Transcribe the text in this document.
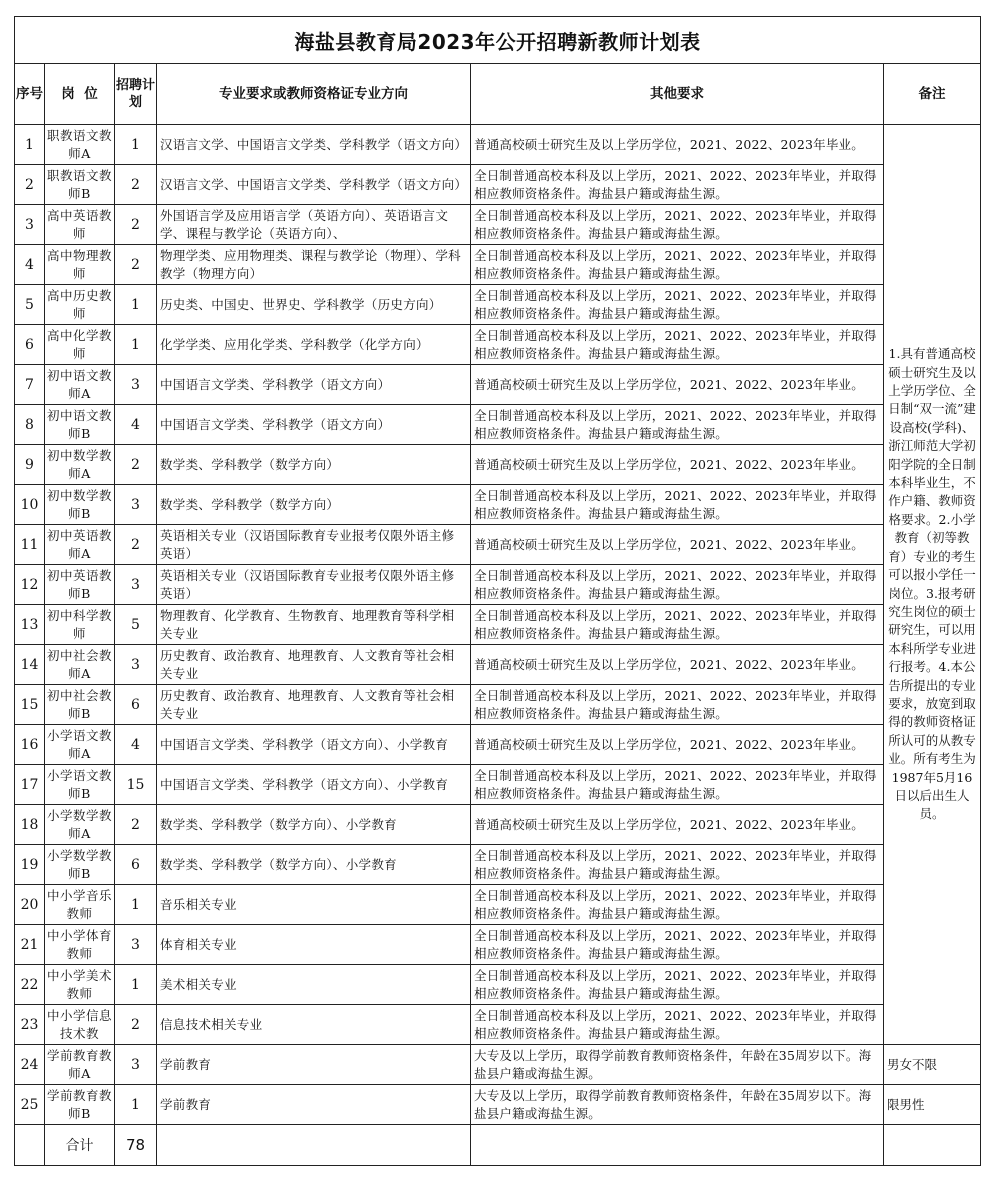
海盐县教育局2023年公开招聘新教师计划表					
序号	岗  位	招聘计划	专业要求或教师资格证专业方向	其他要求	备注
1	职教语文教师A	1	汉语言文学、中国语言文学类、学科教学（语文方向）	普通高校硕士研究生及以上学历学位，2021、2022、2023年毕业。	1.具有普通高校硕士研究生及以上学历学位、全日制“双一流”建设高校(学科)、浙江师范大学初阳学院的全日制本科毕业生，不作户籍、教师资格要求。2.小学教育（初等教育）专业的考生可以报小学任一岗位。3.报考研究生岗位的硕士研究生，可以用本科所学专业进行报考。4.本公告所提出的专业要求，放宽到取得的教师资格证所认可的从教专业。所有考生为1987年5月16日以后出生人员。
2	职教语文教师B	2	汉语言文学、中国语言文学类、学科教学（语文方向）	全日制普通高校本科及以上学历，2021、2022、2023年毕业，并取得相应教师资格条件。海盐县户籍或海盐生源。	
3	高中英语教师	2	外国语言学及应用语言学（英语方向）、英语语言文学、课程与教学论（英语方向）、	全日制普通高校本科及以上学历，2021、2022、2023年毕业，并取得相应教师资格条件。海盐县户籍或海盐生源。	
4	高中物理教师	2	物理学类、应用物理类、课程与教学论（物理）、学科教学（物理方向）	全日制普通高校本科及以上学历，2021、2022、2023年毕业，并取得相应教师资格条件。海盐县户籍或海盐生源。	
5	高中历史教师	1	历史类、中国史、世界史、学科教学（历史方向）	全日制普通高校本科及以上学历，2021、2022、2023年毕业，并取得相应教师资格条件。海盐县户籍或海盐生源。	
6	高中化学教师	1	化学学类、应用化学类、学科教学（化学方向）	全日制普通高校本科及以上学历，2021、2022、2023年毕业，并取得相应教师资格条件。海盐县户籍或海盐生源。	
7	初中语文教师A	3	中国语言文学类、学科教学（语文方向）	普通高校硕士研究生及以上学历学位，2021、2022、2023年毕业。	
8	初中语文教师B	4	中国语言文学类、学科教学（语文方向）	全日制普通高校本科及以上学历，2021、2022、2023年毕业，并取得相应教师资格条件。海盐县户籍或海盐生源。	
9	初中数学教师A	2	数学类、学科教学（数学方向）	普通高校硕士研究生及以上学历学位，2021、2022、2023年毕业。	
10	初中数学教师B	3	数学类、学科教学（数学方向）	全日制普通高校本科及以上学历，2021、2022、2023年毕业，并取得相应教师资格条件。海盐县户籍或海盐生源。	
11	初中英语教师A	2	英语相关专业（汉语国际教育专业报考仅限外语主修英语）	普通高校硕士研究生及以上学历学位，2021、2022、2023年毕业。	
12	初中英语教师B	3	英语相关专业（汉语国际教育专业报考仅限外语主修英语）	全日制普通高校本科及以上学历，2021、2022、2023年毕业，并取得相应教师资格条件。海盐县户籍或海盐生源。	
13	初中科学教师	5	物理教育、化学教育、生物教育、地理教育等科学相关专业	全日制普通高校本科及以上学历，2021、2022、2023年毕业，并取得相应教师资格条件。海盐县户籍或海盐生源。	
14	初中社会教师A	3	历史教育、政治教育、地理教育、人文教育等社会相关专业	普通高校硕士研究生及以上学历学位，2021、2022、2023年毕业。	
15	初中社会教师B	6	历史教育、政治教育、地理教育、人文教育等社会相关专业	全日制普通高校本科及以上学历，2021、2022、2023年毕业，并取得相应教师资格条件。海盐县户籍或海盐生源。	
16	小学语文教师A	4	中国语言文学类、学科教学（语文方向）、小学教育	普通高校硕士研究生及以上学历学位，2021、2022、2023年毕业。	
17	小学语文教师B	15	中国语言文学类、学科教学（语文方向）、小学教育	全日制普通高校本科及以上学历，2021、2022、2023年毕业，并取得相应教师资格条件。海盐县户籍或海盐生源。	
18	小学数学教师A	2	数学类、学科教学（数学方向）、小学教育	普通高校硕士研究生及以上学历学位，2021、2022、2023年毕业。	
19	小学数学教师B	6	数学类、学科教学（数学方向）、小学教育	全日制普通高校本科及以上学历，2021、2022、2023年毕业，并取得相应教师资格条件。海盐县户籍或海盐生源。	
20	中小学音乐教师	1	音乐相关专业	全日制普通高校本科及以上学历，2021、2022、2023年毕业，并取得相应教师资格条件。海盐县户籍或海盐生源。	
21	中小学体育教师	3	体育相关专业	全日制普通高校本科及以上学历，2021、2022、2023年毕业，并取得相应教师资格条件。海盐县户籍或海盐生源。	
22	中小学美术教师	1	美术相关专业	全日制普通高校本科及以上学历，2021、2022、2023年毕业，并取得相应教师资格条件。海盐县户籍或海盐生源。	
23	中小学信息技术教	2	信息技术相关专业	全日制普通高校本科及以上学历，2021、2022、2023年毕业，并取得相应教师资格条件。海盐县户籍或海盐生源。	
24	学前教育教师A	3	学前教育	大专及以上学历，取得学前教育教师资格条件，年龄在35周岁以下。海盐县户籍或海盐生源。	男女不限
25	学前教育教师B	1	学前教育	大专及以上学历，取得学前教育教师资格条件，年龄在35周岁以下。海盐县户籍或海盐生源。	限男性
	合计	78			
